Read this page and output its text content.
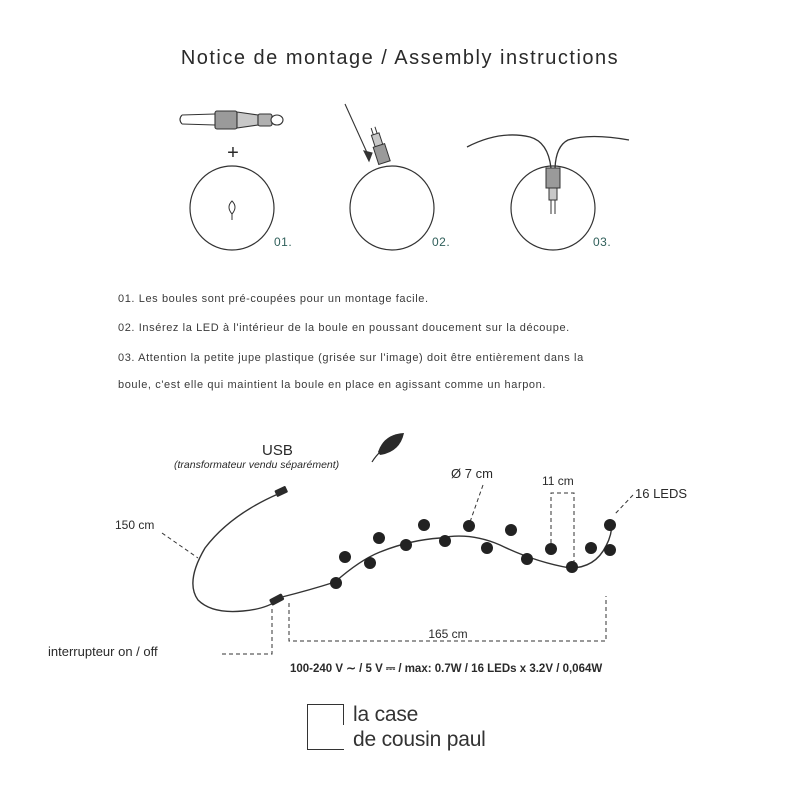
Notice de montage / Assembly instructions
+
01.	02.	03.
USB
(transformateur vendu séparément)
150 cm
Ø 7 cm	11 cm
16 LEDS
165 cm
interrupteur on / off
100-240 V ∼ / 5 V ⎓ / max: 0.7W / 16 LEDs x 3.2V / 0,064W
01. Les boules sont pré-coupées pour un montage facile.
02. Insérez la LED à l'intérieur de la boule en poussant doucement sur la découpe.
03. Attention la petite jupe plastique (grisée sur l'image) doit être entièrement dans la
boule, c'est elle qui maintient la boule en place en agissant comme un harpon.
la case
de cousin paul
